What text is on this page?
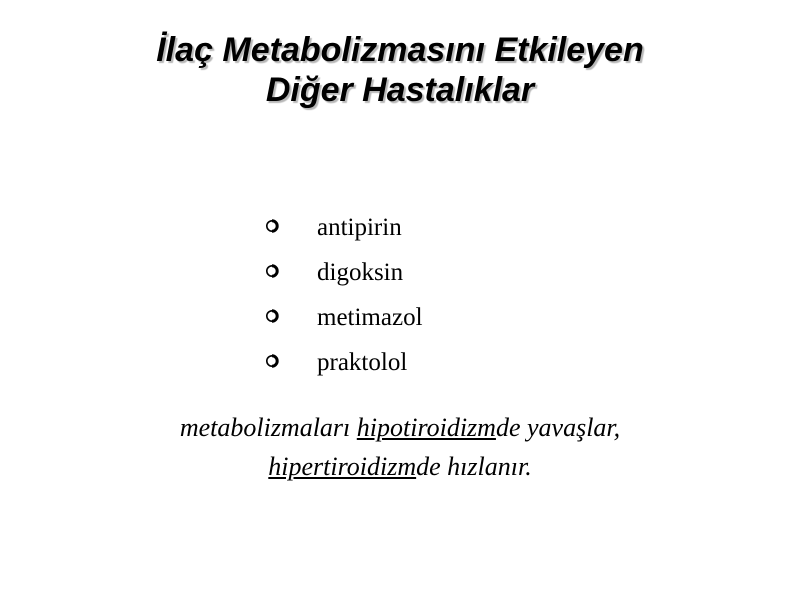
İlaç Metabolizmasını Etkileyen
Diğer Hastalıklar
antipirin
digoksin
metimazol
praktolol
metabolizmaları hipotiroidizmde yavaşlar,
hipertiroidizmde hızlanır.
